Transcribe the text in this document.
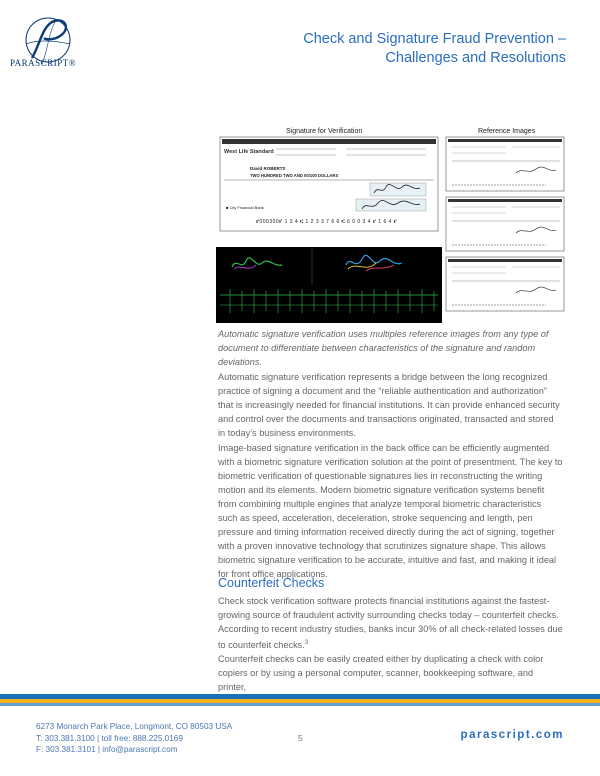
PARASCRIPT®
Check and Signature Fraud Prevention –
Challenges and Resolutions
Signature for Verification
West Life Standard
David ROBERTS
TWO HUNDRED TWO AND 00/100 DOLLARS
■ City Financial Bank
⑈000300⑈ 1 3 4 ⑆ 1 2 3 3 7 6 6 ⑆ 6 0 0 3 4 ⑈ 1 6 4 ⑈
Reference Images
Automatic signature verification uses multiples reference images from any type of document to differentiate between characteristics of the signature and random deviations.
Automatic signature verification represents a bridge between the long recognized practice of signing a document and the “reliable authentication and authorization” that is increasingly needed for financial institutions. It can provide enhanced security and control over the documents and transactions originated, transacted and stored in today’s business environments.
Image-based signature verification in the back office can be efficiently augmented with a biometric signature verification solution at the point of presentment. The key to biometric verification of questionable signatures lies in reconstructing the writing motion and its elements. Modern biometric signature verification systems benefit from combining multiple engines that analyze temporal biometric characteristics such as speed, acceleration, deceleration, stroke sequencing and length, pen pressure and timing information received directly during the act of signing, together with a proven innovative technology that scrutinizes signature shape. This allows biometric signature verification to be accurate, intuitive and fast, and making it ideal for front office applications.
Counterfeit Checks
Check stock verification software protects financial institutions against the fastest-growing source of fraudulent activity surrounding checks today – counterfeit checks. According to recent industry studies, banks incur 30% of all check-related losses due to counterfeit checks.$^3$
Counterfeit checks can be easily created either by duplicating a check with color copiers or by using a personal computer, scanner, bookkeeping software, and printer,
6273 Monarch Park Place, Longmont, CO 80503 USA
T: 303.381.3100 | toll free: 888.225.0169
F: 303.381.3101 | info@parascript.com
5	parascript.com
